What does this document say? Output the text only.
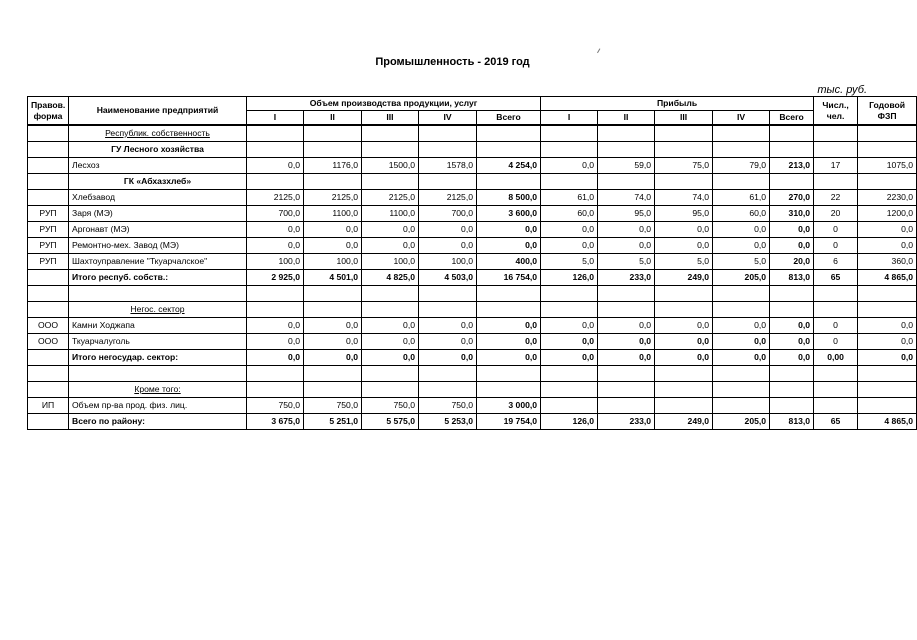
Промышленность - 2019 год
тыс. руб.
Правов. форма	Наименование предприятий	Объем производства продукции, услуг					Прибыль					Числ., чел.	Годовой ФЗП
		I	II	III	IV	Всего	I	II	III	IV	Всего		
	Республик. собственность												
	ГУ Лесного хозяйства												
	Лесхоз	0,0	1176,0	1500,0	1578,0	4 254,0	0,0	59,0	75,0	79,0	213,0	17	1075,0
	ГК «Абхазхлеб»												
	Хлебзавод	2125,0	2125,0	2125,0	2125,0	8 500,0	61,0	74,0	74,0	61,0	270,0	22	2230,0
РУП	Заря (МЭ)	700,0	1100,0	1100,0	700,0	3 600,0	60,0	95,0	95,0	60,0	310,0	20	1200,0
РУП	Аргонавт (МЭ)	0,0	0,0	0,0	0,0	0,0	0,0	0,0	0,0	0,0	0,0	0	0,0
РУП	Ремонтно-мех. Завод (МЭ)	0,0	0,0	0,0	0,0	0,0	0,0	0,0	0,0	0,0	0,0	0	0,0
РУП	Шахтоуправление "Ткуарчалское"	100,0	100,0	100,0	100,0	400,0	5,0	5,0	5,0	5,0	20,0	6	360,0
	Итого респуб. собств.:	2 925,0	4 501,0	4 825,0	4 503,0	16 754,0	126,0	233,0	249,0	205,0	813,0	65	4 865,0

	Негос. сектор												
ООО	Камни Ходжапа	0,0	0,0	0,0	0,0	0,0	0,0	0,0	0,0	0,0	0,0	0	0,0
ООО	Ткуарчалуголь	0,0	0,0	0,0	0,0	0,0	0,0	0,0	0,0	0,0	0,0	0	0,0
	Итого негосудар. сектор:	0,0	0,0	0,0	0,0	0,0	0,0	0,0	0,0	0,0	0,0	0,00	0,0

	Кроме того:												
ИП	Объем пр-ва прод. физ. лиц.	750,0	750,0	750,0	750,0	3 000,0							
	Всего по району:	3 675,0	5 251,0	5 575,0	5 253,0	19 754,0	126,0	233,0	249,0	205,0	813,0	65	4 865,0
